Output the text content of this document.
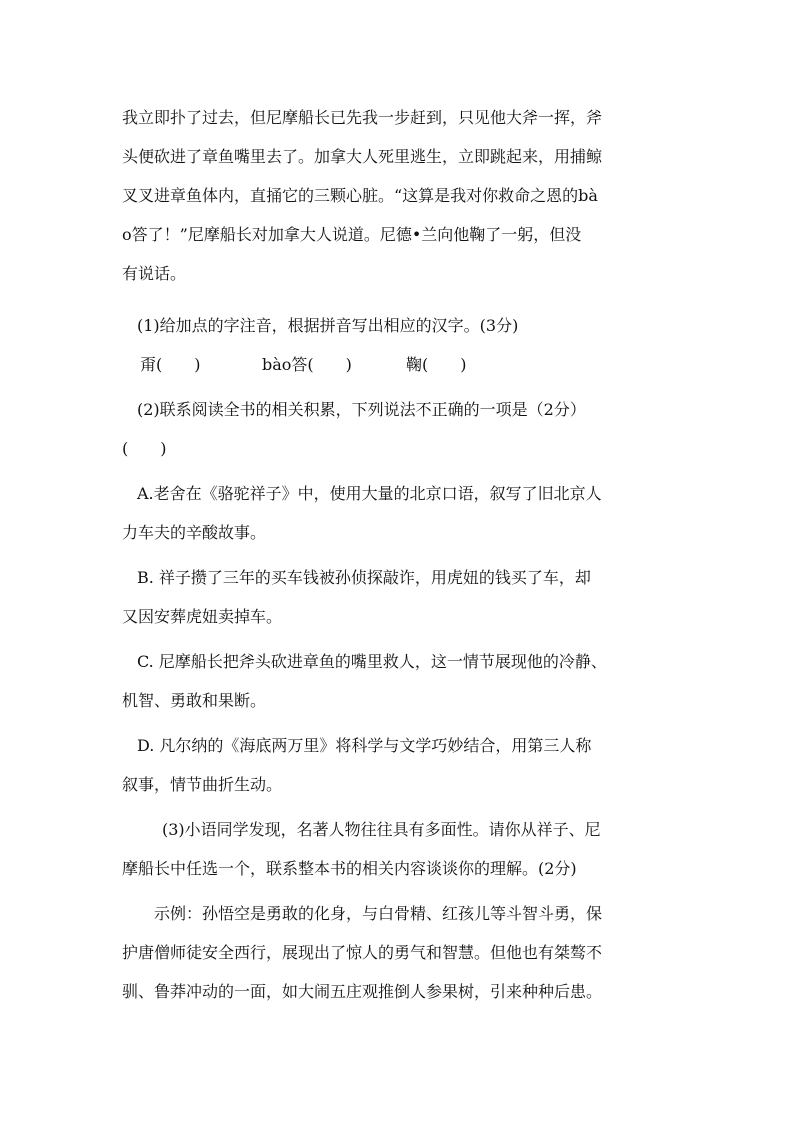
我立即扑了过去，但尼摩船长已先我一步赶到，只见他大斧一挥，斧
头便砍进了章鱼嘴里去了。加拿大人死里逃生，立即跳起来，用捕鲸
叉叉进章鱼体内，直捅它的三颗心脏。“这算是我对你救命之恩的bà
o答了！”尼摩船长对加拿大人说道。尼德•兰向他鞠了一躬，但没
有说话。
(1)给加点的字注音，根据拼音写出相应的汉字。(3分)
甭(　　)	bào答(　　)	鞠(　　)
(2)联系阅读全书的相关积累，下列说法不正确的一项是（2分）
(　　)
A.老舍在《骆驼祥子》中，使用大量的北京口语，叙写了旧北京人
力车夫的辛酸故事。
B. 祥子攒了三年的买车钱被孙侦探敲诈，用虎妞的钱买了车，却
又因安葬虎妞卖掉车。
C. 尼摩船长把斧头砍进章鱼的嘴里救人，这一情节展现他的冷静、
机智、勇敢和果断。
D. 凡尔纳的《海底两万里》将科学与文学巧妙结合，用第三人称
叙事，情节曲折生动。
(3)小语同学发现，名著人物往往具有多面性。请你从祥子、尼
摩船长中任选一个，联系整本书的相关内容谈谈你的理解。(2分)
示例：孙悟空是勇敢的化身，与白骨精、红孩儿等斗智斗勇，保
护唐僧师徒安全西行，展现出了惊人的勇气和智慧。但他也有桀骜不
驯、鲁莽冲动的一面，如大闹五庄观推倒人参果树，引来种种后患。
